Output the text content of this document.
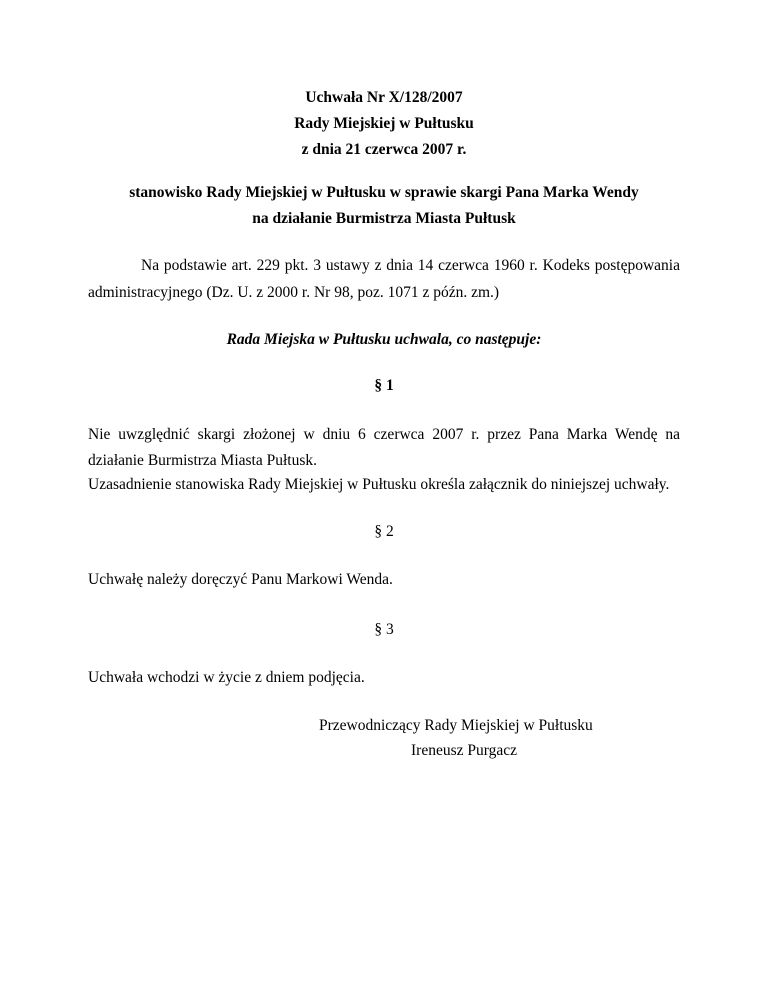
Uchwała Nr X/128/2007
Rady Miejskiej w Pułtusku
z dnia 21 czerwca 2007 r.
stanowisko Rady Miejskiej w Pułtusku w sprawie skargi Pana Marka Wendy
na działanie Burmistrza Miasta Pułtusk
Na podstawie art. 229 pkt. 3 ustawy z dnia 14 czerwca 1960 r. Kodeks postępowania
administracyjnego (Dz. U. z 2000 r. Nr 98, poz. 1071 z późn. zm.)
Rada Miejska w Pułtusku uchwala, co następuje:
§ 1
Nie uwzględnić skargi złożonej w dniu 6 czerwca 2007 r. przez Pana Marka Wendę na
działanie Burmistrza Miasta Pułtusk.
Uzasadnienie stanowiska Rady Miejskiej w Pułtusku określa załącznik do niniejszej uchwały.
§ 2
Uchwałę należy doręczyć Panu Markowi Wenda.
§ 3
Uchwała wchodzi w życie z dniem podjęcia.
Przewodniczący Rady Miejskiej w Pułtusku
Ireneusz Purgacz
